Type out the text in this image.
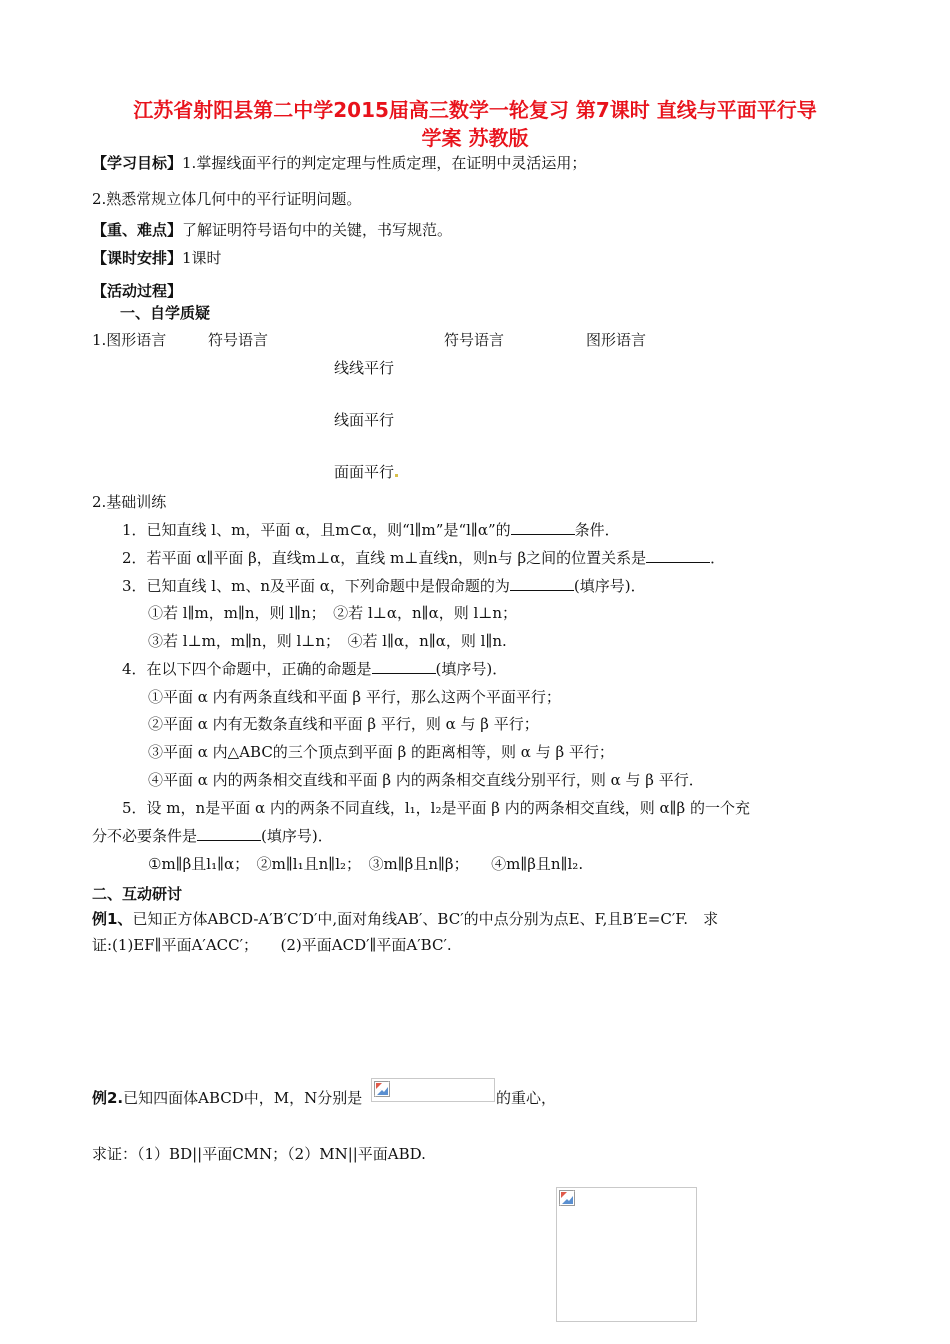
江苏省射阳县第二中学2015届高三数学一轮复习 第7课时 直线与平面平行导
学案 苏教版
【学习目标】1.掌握线面平行的判定定理与性质定理，在证明中灵活运用；
2.熟悉常规立体几何中的平行证明问题。
【重、难点】了解证明符号语句中的关键，书写规范。
【课时安排】1课时
【活动过程】
一、自学质疑
1.图形语言	符号语言	符号语言	图形语言
线线平行
线面平行
面面平行
2.基础训练
1．已知直线 l、m，平面 α，且m⊂α，则“l∥m”是“l∥α”的	条件．
2．若平面 α∥平面 β，直线m⊥α，直线 m⊥直线n，则n与 β之间的位置关系是	．
3．已知直线 l、m、n及平面 α，下列命题中是假命题的为	(填序号)．
①若 l∥m，m∥n，则 l∥n；　②若 l⊥α，n∥α，则 l⊥n；
③若 l⊥m，m∥n，则 l⊥n；　④若 l∥α，n∥α，则 l∥n.
4．在以下四个命题中，正确的命题是	(填序号)．
①平面 α 内有两条直线和平面 β 平行，那么这两个平面平行；
②平面 α 内有无数条直线和平面 β 平行，则 α 与 β 平行；
③平面 α 内△ABC的三个顶点到平面 β 的距离相等，则 α 与 β 平行；
④平面 α 内的两条相交直线和平面 β 内的两条相交直线分别平行，则 α 与 β 平行．
5．设 m，n是平面 α 内的两条不同直线，l₁，l₂是平面 β 内的两条相交直线，则 α∥β 的一个充
分不必要条件是	(填序号)．
①m∥β且l₁∥α；　②m∥l₁且n∥l₂；　③m∥β且n∥β；　　④m∥β且n∥l₂.
二、互动研讨
例1、已知正方体ABCD-A′B′C′D′中,面对角线AB′、BC′的中点分别为点E、F,且B′E=C′F.　求
证:(1)EF∥平面A′ACC′；　　(2)平面ACD′∥平面A′BC′.
例2.已知四面体ABCD中，M，N分别是	的重心，
求证：（1）BD||平面CMN；（2）MN||平面ABD.
